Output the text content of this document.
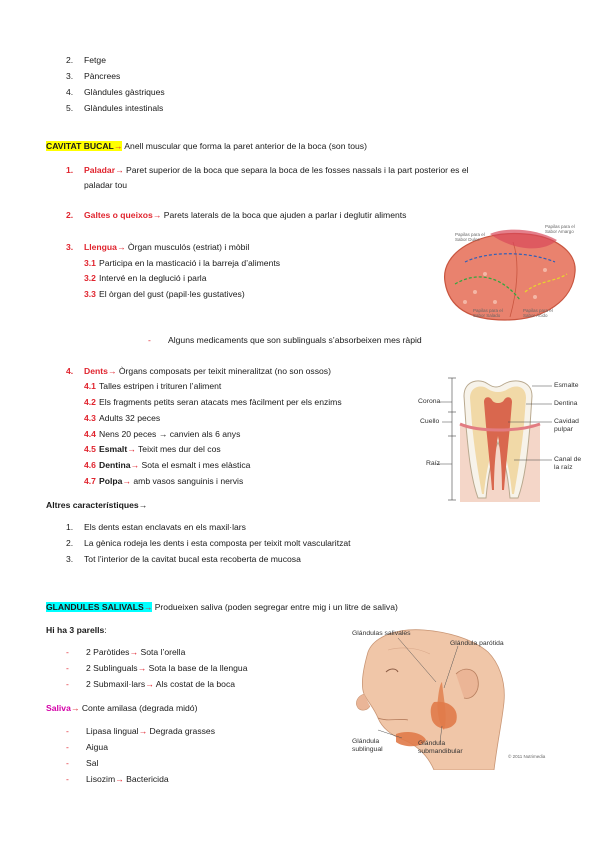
2. Fetge
3. Pàncrees
4. Glàndules gàstriques
5. Glàndules intestinals
CAVITAT BUCAL→ Anell muscular que forma la paret anterior de la boca (son tous)
1. Paladar→ Paret superior de la boca que separa la boca de les fosses nassals i la part posterior es el
paladar tou
2. Galtes o queixos→ Parets laterals de la boca que ajuden a parlar i deglutir aliments
3. Llengua→ Òrgan musculós (estriat) i mòbil
3.1 Participa en la masticació i la barreja d’aliments
3.2 Intervé en la deglució i parla
3.3 El òrgan del gust (papil·les gustatives)
- Alguns medicaments que son sublinguals s’absorbeixen mes ràpid
Papilas para el Sabor Dulce
Papilas para el Sabor Amargo
Papilas para el Sabor Salado
Papilas para el Sabor Ácido
4. Dents→ Òrgans composats per teixit mineralitzat (no son ossos)
4.1 Talles estripen i trituren l’aliment
4.2 Els fragments petits seran atacats mes fàcilment per els enzims
4.3 Adults 32 peces
4.4 Nens 20 peces → canvien als 6 anys
4.5 Esmalt→ Teixit mes dur del cos
4.6 Dentina→ Sota el esmalt i mes elàstica
4.7 Polpa→ amb vasos sanguinis i nervis
Corona
Cuello
Raíz
Esmalte
Dentina
Cavidad pulpar
Canal de la raíz
Altres característiques→
1. Els dents estan enclavats en els maxil·lars
2. La gènica rodeja les dents i esta composta per teixit molt vascularitzat
3. Tot l’interior de la cavitat bucal esta recoberta de mucosa
GLANDULES SALIVALS→ Produeixen saliva (poden segregar entre mig i un litre de saliva)
Hi ha 3 parells:
- 2 Paròtides→ Sota l’orella
- 2 Sublinguals→ Sota la base de la llengua
- 2 Submaxil·lars→ Als costat de la boca
Saliva→ Conte amilasa (degrada midó)
- Lipasa lingual→ Degrada grasses
- Aigua
- Sal
- Lisozim→ Bactericida
Glándulas salivales
Glándula parótida
Glándula sublingual
Glándula submandibular
© 2011 Nutrimedia
